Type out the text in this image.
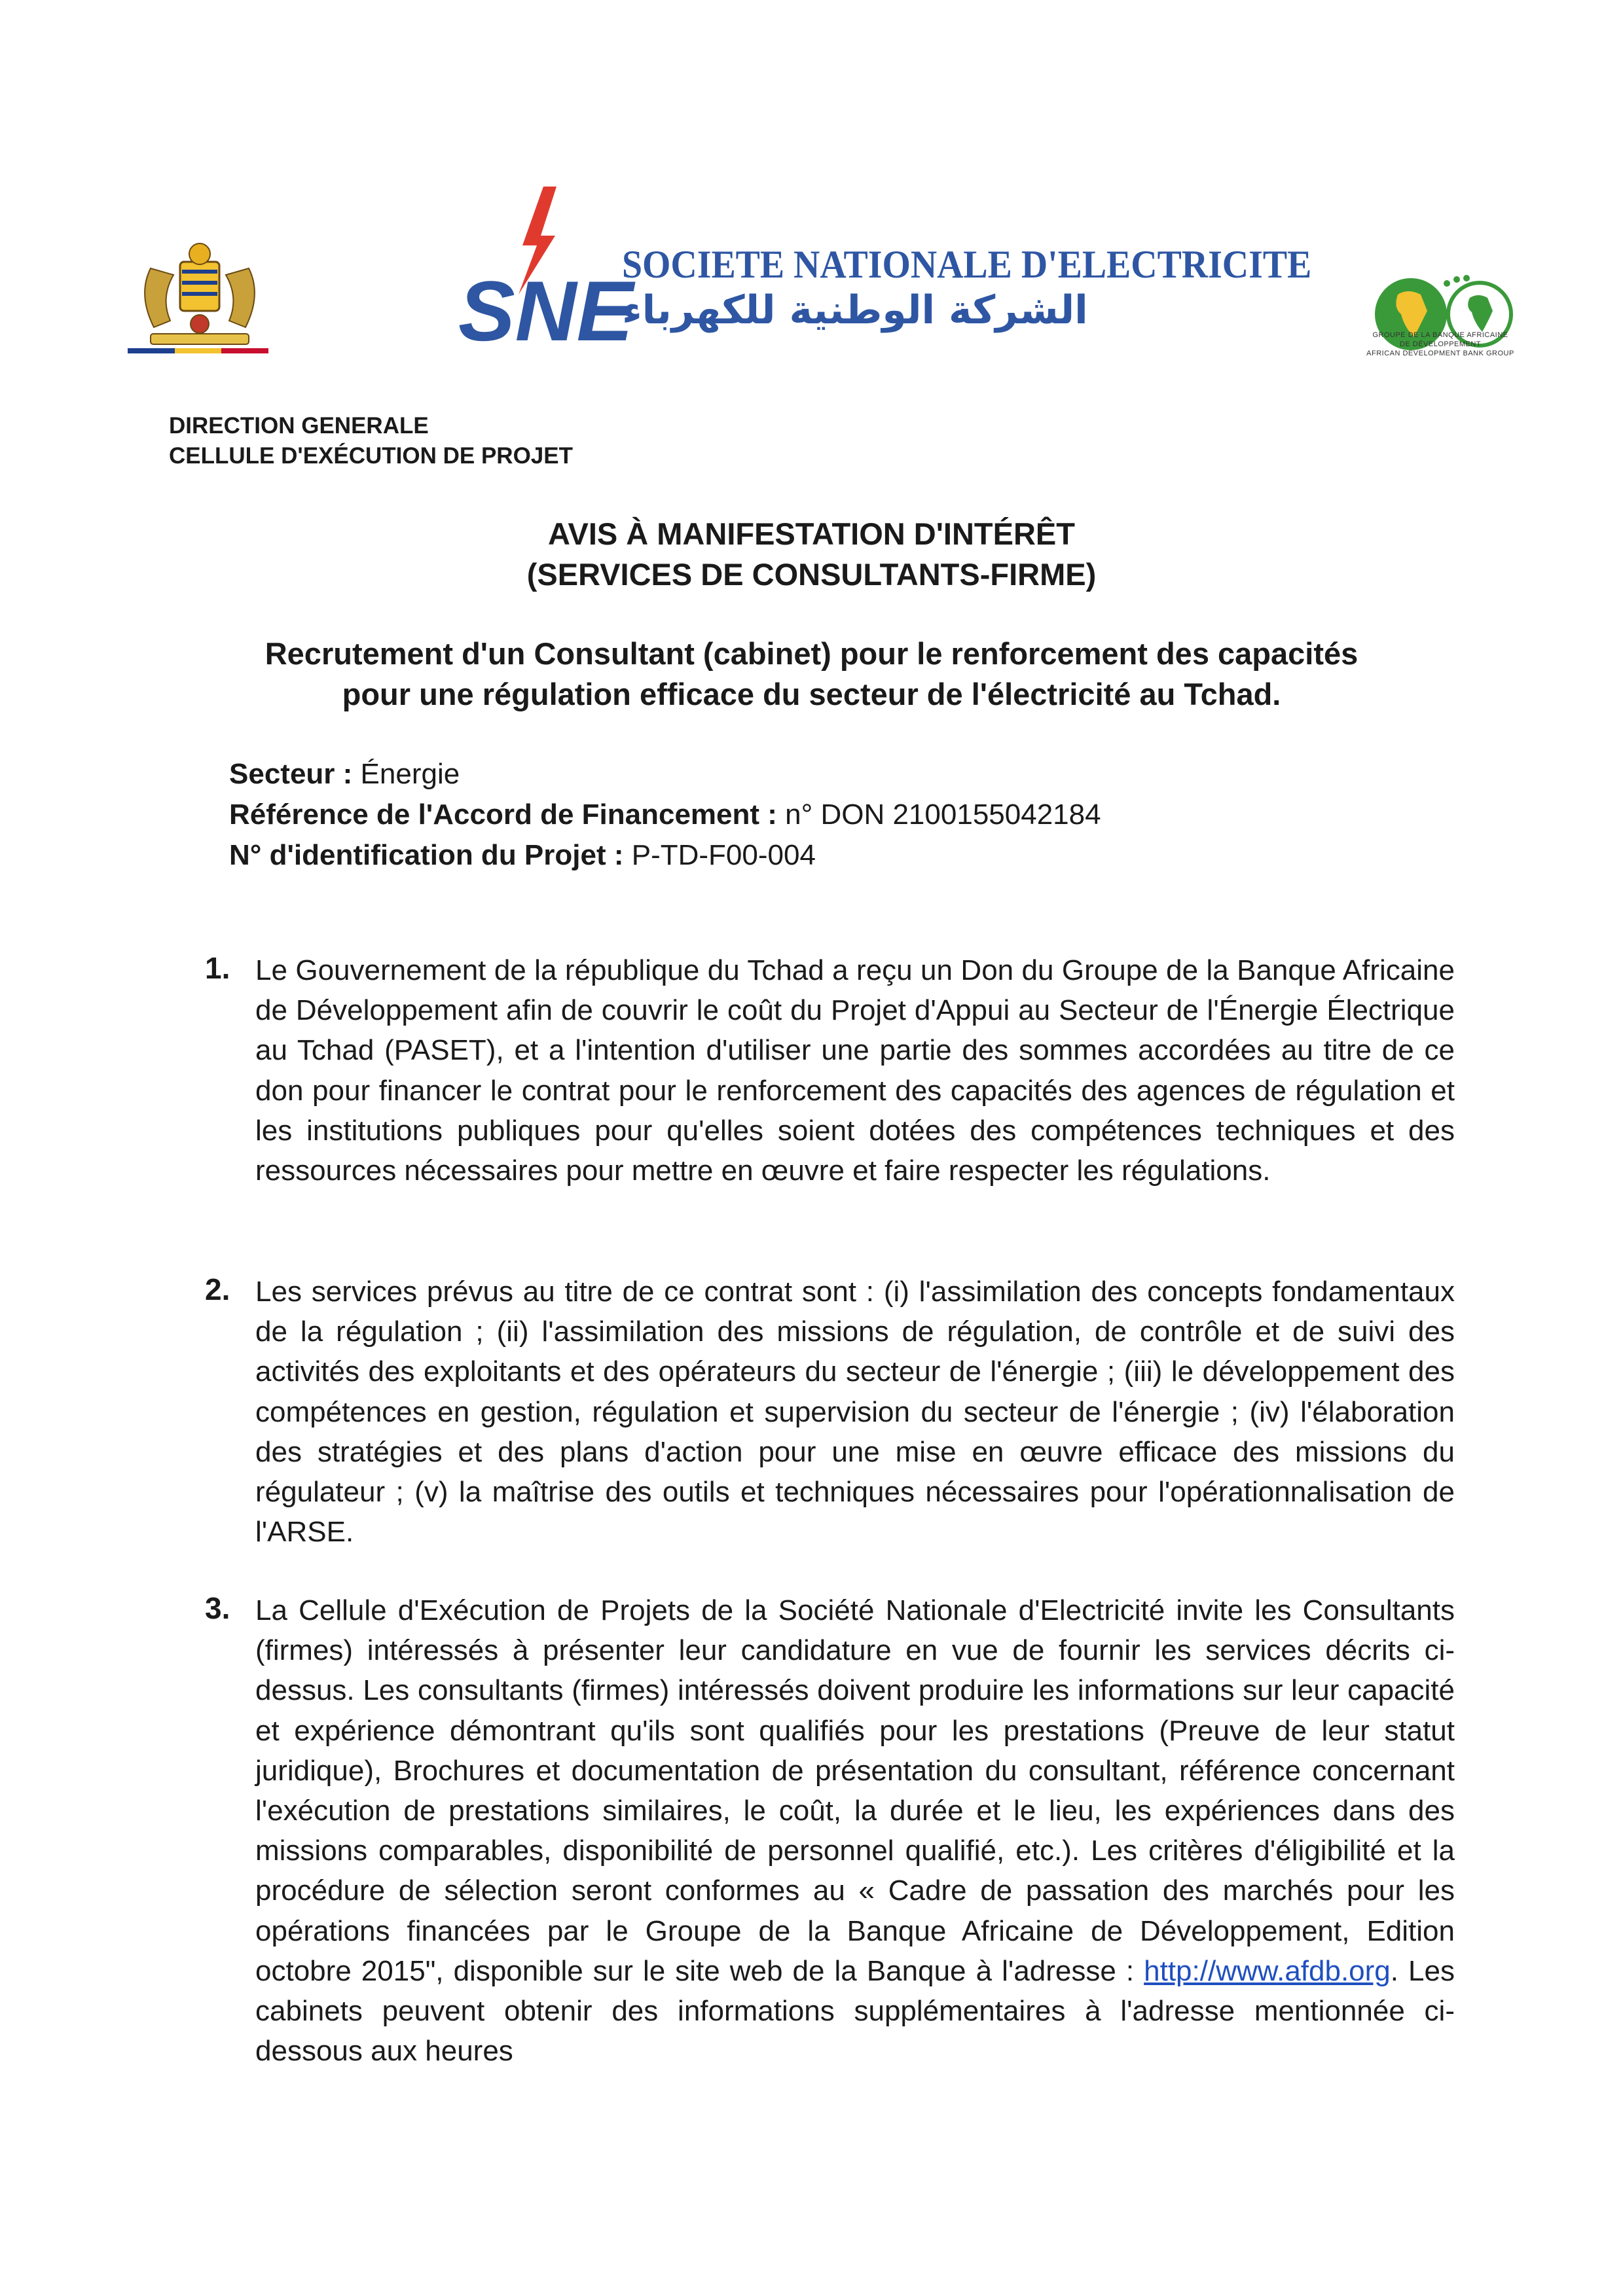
SNE
SOCIETE NATIONALE D'ELECTRICITE
الشركة الوطنية للكهرباء
GROUPE DE LA BANQUE AFRICAINE
DE DÉVELOPPEMENT
AFRICAN DEVELOPMENT BANK GROUP
DIRECTION GENERALE
CELLULE D'EXÉCUTION DE PROJET
AVIS À MANIFESTATION D'INTÉRÊT
(SERVICES DE CONSULTANTS-FIRME)
Recrutement d'un Consultant (cabinet) pour le renforcement des capacités
pour une régulation efficace du secteur de l'électricité au Tchad.
Secteur : Énergie
Référence de l'Accord de Financement : n° DON 2100155042184
N° d'identification du Projet : P-TD-F00-004
1. Le Gouvernement de la république du Tchad a reçu un Don du Groupe de la Banque Africaine de Développement afin de couvrir le coût du Projet d'Appui au Secteur de l'Énergie Électrique au Tchad (PASET), et a l'intention d'utiliser une partie des sommes accordées au titre de ce don pour financer le contrat pour le renforcement des capacités des agences de régulation et les institutions publiques pour qu'elles soient dotées des compétences techniques et des ressources nécessaires pour mettre en œuvre et faire respecter les régulations.
2. Les services prévus au titre de ce contrat sont : (i) l'assimilation des concepts fondamentaux de la régulation ; (ii) l'assimilation des missions de régulation, de contrôle et de suivi des activités des exploitants et des opérateurs du secteur de l'énergie ; (iii) le développement des compétences en gestion, régulation et supervision du secteur de l'énergie ; (iv) l'élaboration des stratégies et des plans d'action pour une mise en œuvre efficace des missions du régulateur ; (v) la maîtrise des outils et techniques nécessaires pour l'opérationnalisation de l'ARSE.
3. La Cellule d'Exécution de Projets de la Société Nationale d'Electricité invite les Consultants (firmes) intéressés à présenter leur candidature en vue de fournir les services décrits ci-dessus. Les consultants (firmes) intéressés doivent produire les informations sur leur capacité et expérience démontrant qu'ils sont qualifiés pour les prestations (Preuve de leur statut juridique), Brochures et documentation de présentation du consultant, référence concernant l'exécution de prestations similaires, le coût, la durée et le lieu, les expériences dans des missions comparables, disponibilité de personnel qualifié, etc.). Les critères d'éligibilité et la procédure de sélection seront conformes au « Cadre de passation des marchés pour les opérations financées par le Groupe de la Banque Africaine de Développement, Edition octobre 2015", disponible sur le site web de la Banque à l'adresse : http://www.afdb.org. Les cabinets peuvent obtenir des informations supplémentaires à l'adresse mentionnée ci-dessous aux heures
